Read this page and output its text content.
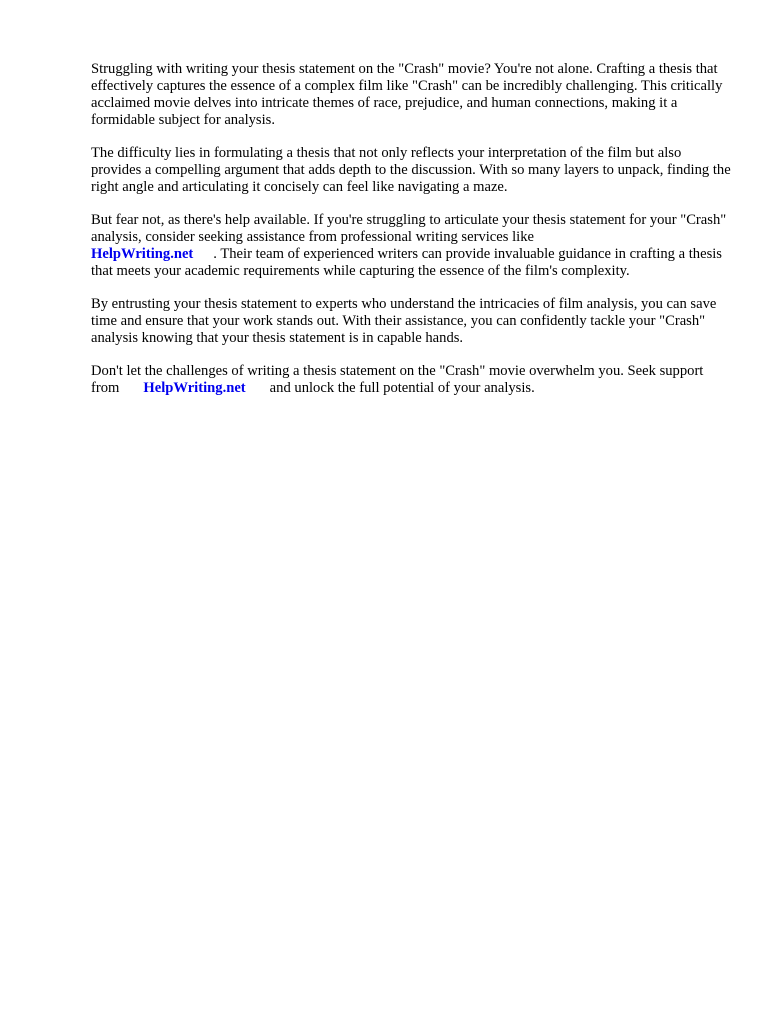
Struggling with writing your thesis statement on the "Crash" movie? You're not alone. Crafting a thesis that effectively captures the essence of a complex film like "Crash" can be incredibly challenging. This critically acclaimed movie delves into intricate themes of race, prejudice, and human connections, making it a formidable subject for analysis.

The difficulty lies in formulating a thesis that not only reflects your interpretation of the film but also provides a compelling argument that adds depth to the discussion. With so many layers to unpack, finding the right angle and articulating it concisely can feel like navigating a maze.

But fear not, as there's help available. If you're struggling to articulate your thesis statement for your "Crash" analysis, consider seeking assistance from professional writing services like
HelpWriting.net . Their team of experienced writers can provide invaluable guidance in crafting a thesis that meets your academic requirements while capturing the essence of the film's complexity.

By entrusting your thesis statement to experts who understand the intricacies of film analysis, you can save time and ensure that your work stands out. With their assistance, you can confidently tackle your "Crash" analysis knowing that your thesis statement is in capable hands.

Don't let the challenges of writing a thesis statement on the "Crash" movie overwhelm you. Seek support from HelpWriting.net and unlock the full potential of your analysis.
